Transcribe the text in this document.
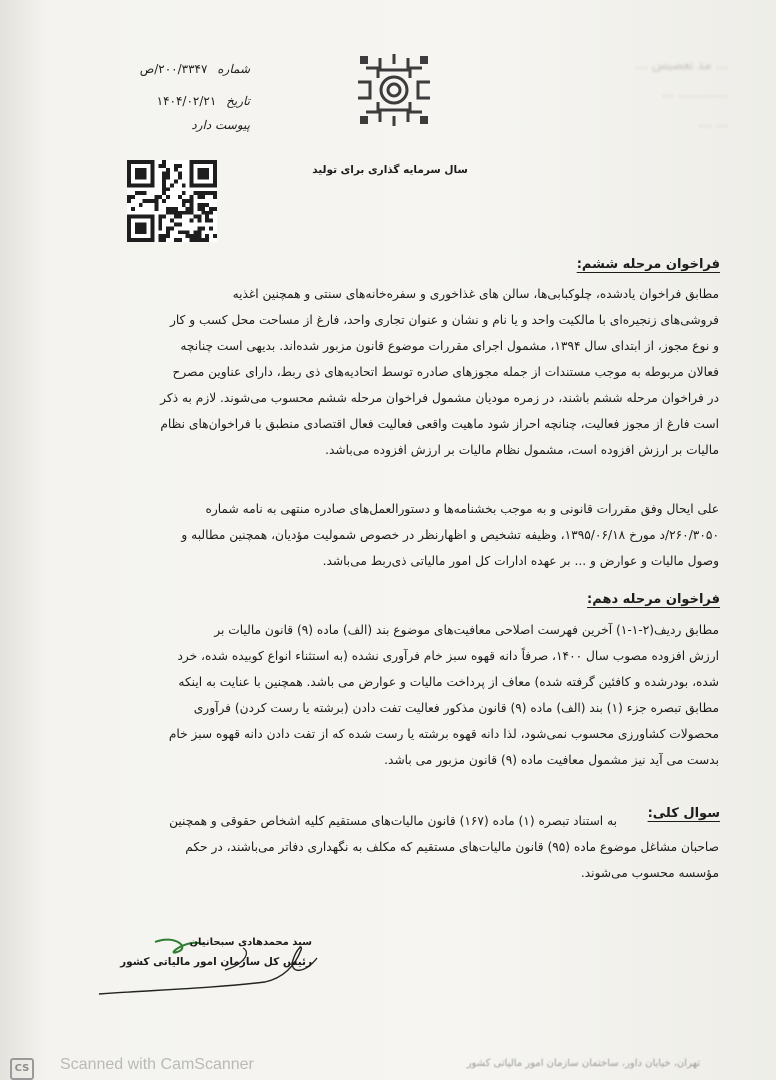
... مد تعصیس ...
............ ...
... ...
سال سرمایه گذاری برای تولید
شماره ۲۰۰/۳۳۴۷/ص
تاریخ ۱۴۰۴/۰۲/۲۱
پیوست دارد
فراخوان مرحله ششم:
مطابق فراخوان یادشده، چلوکبابی‌ها، سالن های غذاخوری و سفره‌خانه‌های سنتی و همچنین اغذیه
فروشی‌های زنجیره‌ای با مالکیت واحد و یا نام و نشان و عنوان تجاری واحد، فارغ از مساحت محل کسب و کار
و نوع مجوز، از ابتدای سال ۱۳۹۴، مشمول اجرای مقررات موضوع قانون مزبور شده‌اند. بدیهی است چنانچه
فعالان مربوطه به موجب مستندات از جمله مجوزهای صادره توسط اتحادیه‌های ذی ربط، دارای عناوین مصرح
در فراخوان مرحله ششم باشند، در زمره مودیان مشمول فراخوان مرحله ششم محسوب می‌شوند. لازم به ذکر
است فارغ از مجوز فعالیت، چنانچه احراز شود ماهیت واقعی فعالیت فعال اقتصادی منطبق با فراخوان‌های نظام
مالیات بر ارزش افزوده است، مشمول نظام مالیات بر ارزش افزوده می‌باشد.
علی ایحال وفق مقررات قانونی و به موجب بخشنامه‌ها و دستورالعمل‌های صادره منتهی به نامه شماره
۲۶۰/۳۰۵۰/د مورخ ۱۳۹۵/۰۶/۱۸، وظیفه تشخیص و اظهارنظر در خصوص شمولیت مؤدیان، همچنین مطالبه و
وصول مالیات و عوارض و ... بر عهده ادارات کل امور مالیاتی ذی‌ربط می‌باشد.
فراخوان مرحله دهم:
مطابق ردیف(۲-۱-۱) آخرین فهرست اصلاحی معافیت‌های موضوع بند (الف) ماده (۹) قانون مالیات بر
ارزش افزوده مصوب سال ۱۴۰۰، صرفاً دانه قهوه سبز خام فرآوری نشده (به استثناء انواع کوبیده شده، خرد
شده، بودرشده و کافئین گرفته شده) معاف از پرداخت مالیات و عوارض می باشد. همچنین با عنایت به اینکه
مطابق تبصره جزء (۱) بند (الف) ماده (۹) قانون مذکور فعالیت تفت دادن (برشته یا رست کردن) فرآوری
محصولات کشاورزی محسوب نمی‌شود، لذا دانه قهوه برشته یا رست شده که از تفت دادن دانه قهوه سبز خام
بدست می آید نیز مشمول معافیت ماده (۹) قانون مزبور می باشد.
سوال کلی:
به استناد تبصره (۱) ماده (۱۶۷) قانون مالیات‌های مستقیم کلیه اشخاص حقوقی و همچنین
صاحبان مشاغل موضوع ماده (۹۵) قانون مالیات‌های مستقیم که مکلف به نگهداری دفاتر می‌باشند، در حکم
مؤسسه محسوب می‌شوند.
سید محمدهادی سبحانیان
رئیس کل سازمان امور مالیاتی کشور
CS Scanned with CamScanner	تهران، خیابان داور، ساختمان سازمان امور مالیاتی کشور
